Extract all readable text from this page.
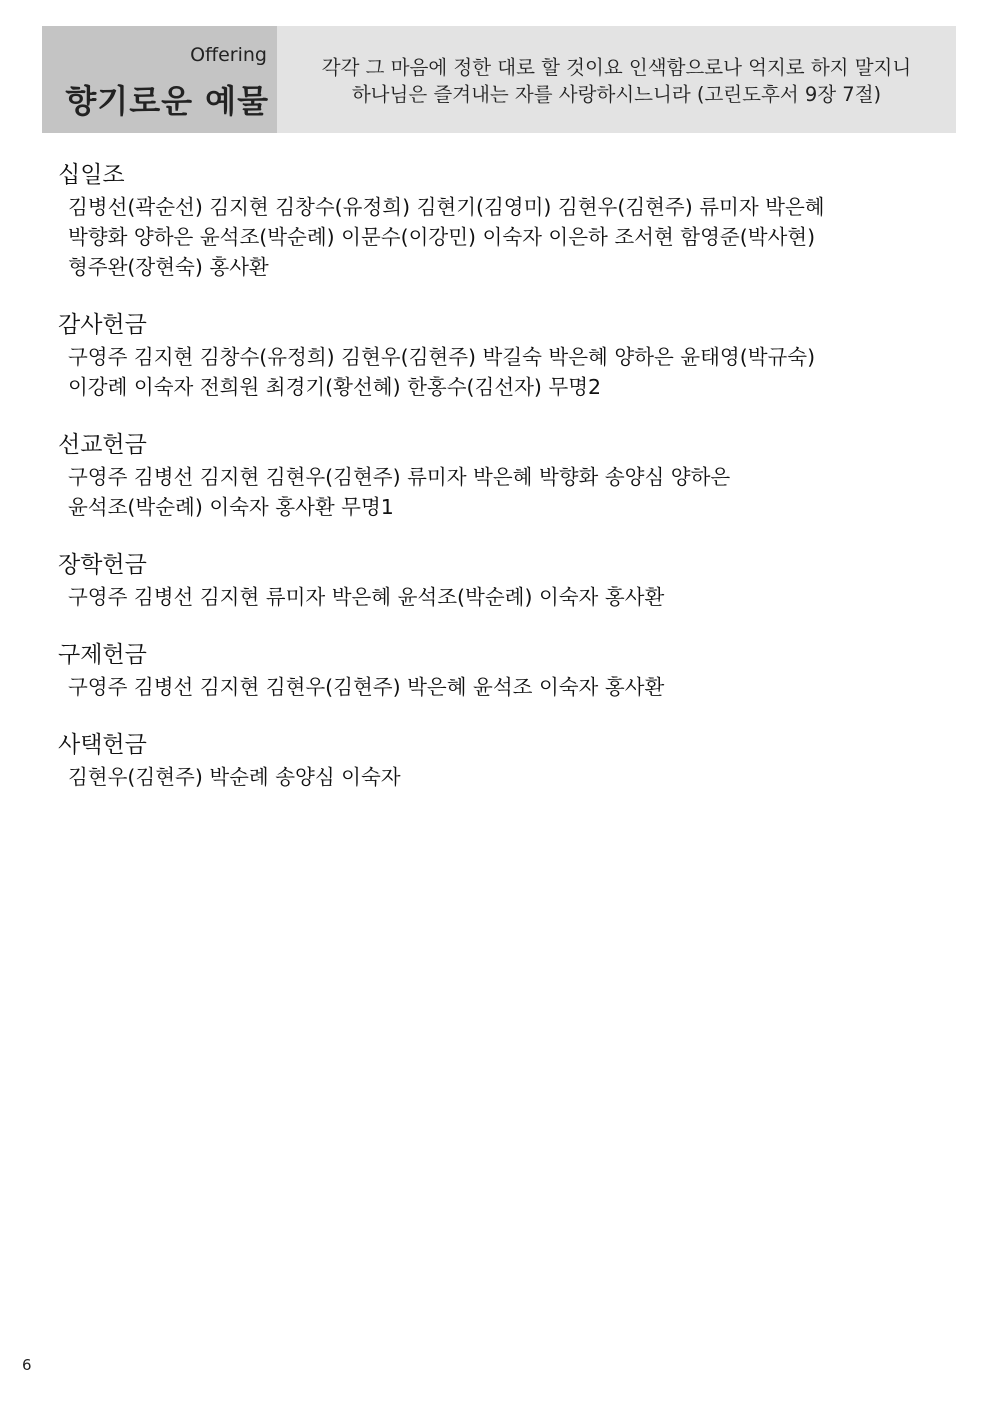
Offering
향기로운 예물
각각 그 마음에 정한 대로 할 것이요 인색함으로나 억지로 하지 말지니
하나님은 즐겨내는 자를 사랑하시느니라 (고린도후서 9장 7절)
십일조
김병선(곽순선) 김지현 김창수(유정희) 김현기(김영미) 김현우(김현주) 류미자 박은혜
박향화 양하은 윤석조(박순례) 이문수(이강민) 이숙자 이은하 조서현 함영준(박사현)
형주완(장현숙) 홍사환
감사헌금
구영주 김지현 김창수(유정희) 김현우(김현주) 박길숙 박은혜 양하은 윤태영(박규숙)
이강례 이숙자 전희원 최경기(황선혜) 한홍수(김선자) 무명2
선교헌금
구영주 김병선 김지현 김현우(김현주) 류미자 박은혜 박향화 송양심 양하은
윤석조(박순례) 이숙자 홍사환 무명1
장학헌금
구영주 김병선 김지현 류미자 박은혜 윤석조(박순례) 이숙자 홍사환
구제헌금
구영주 김병선 김지현 김현우(김현주) 박은혜 윤석조 이숙자 홍사환
사택헌금
김현우(김현주) 박순례 송양심 이숙자
6
